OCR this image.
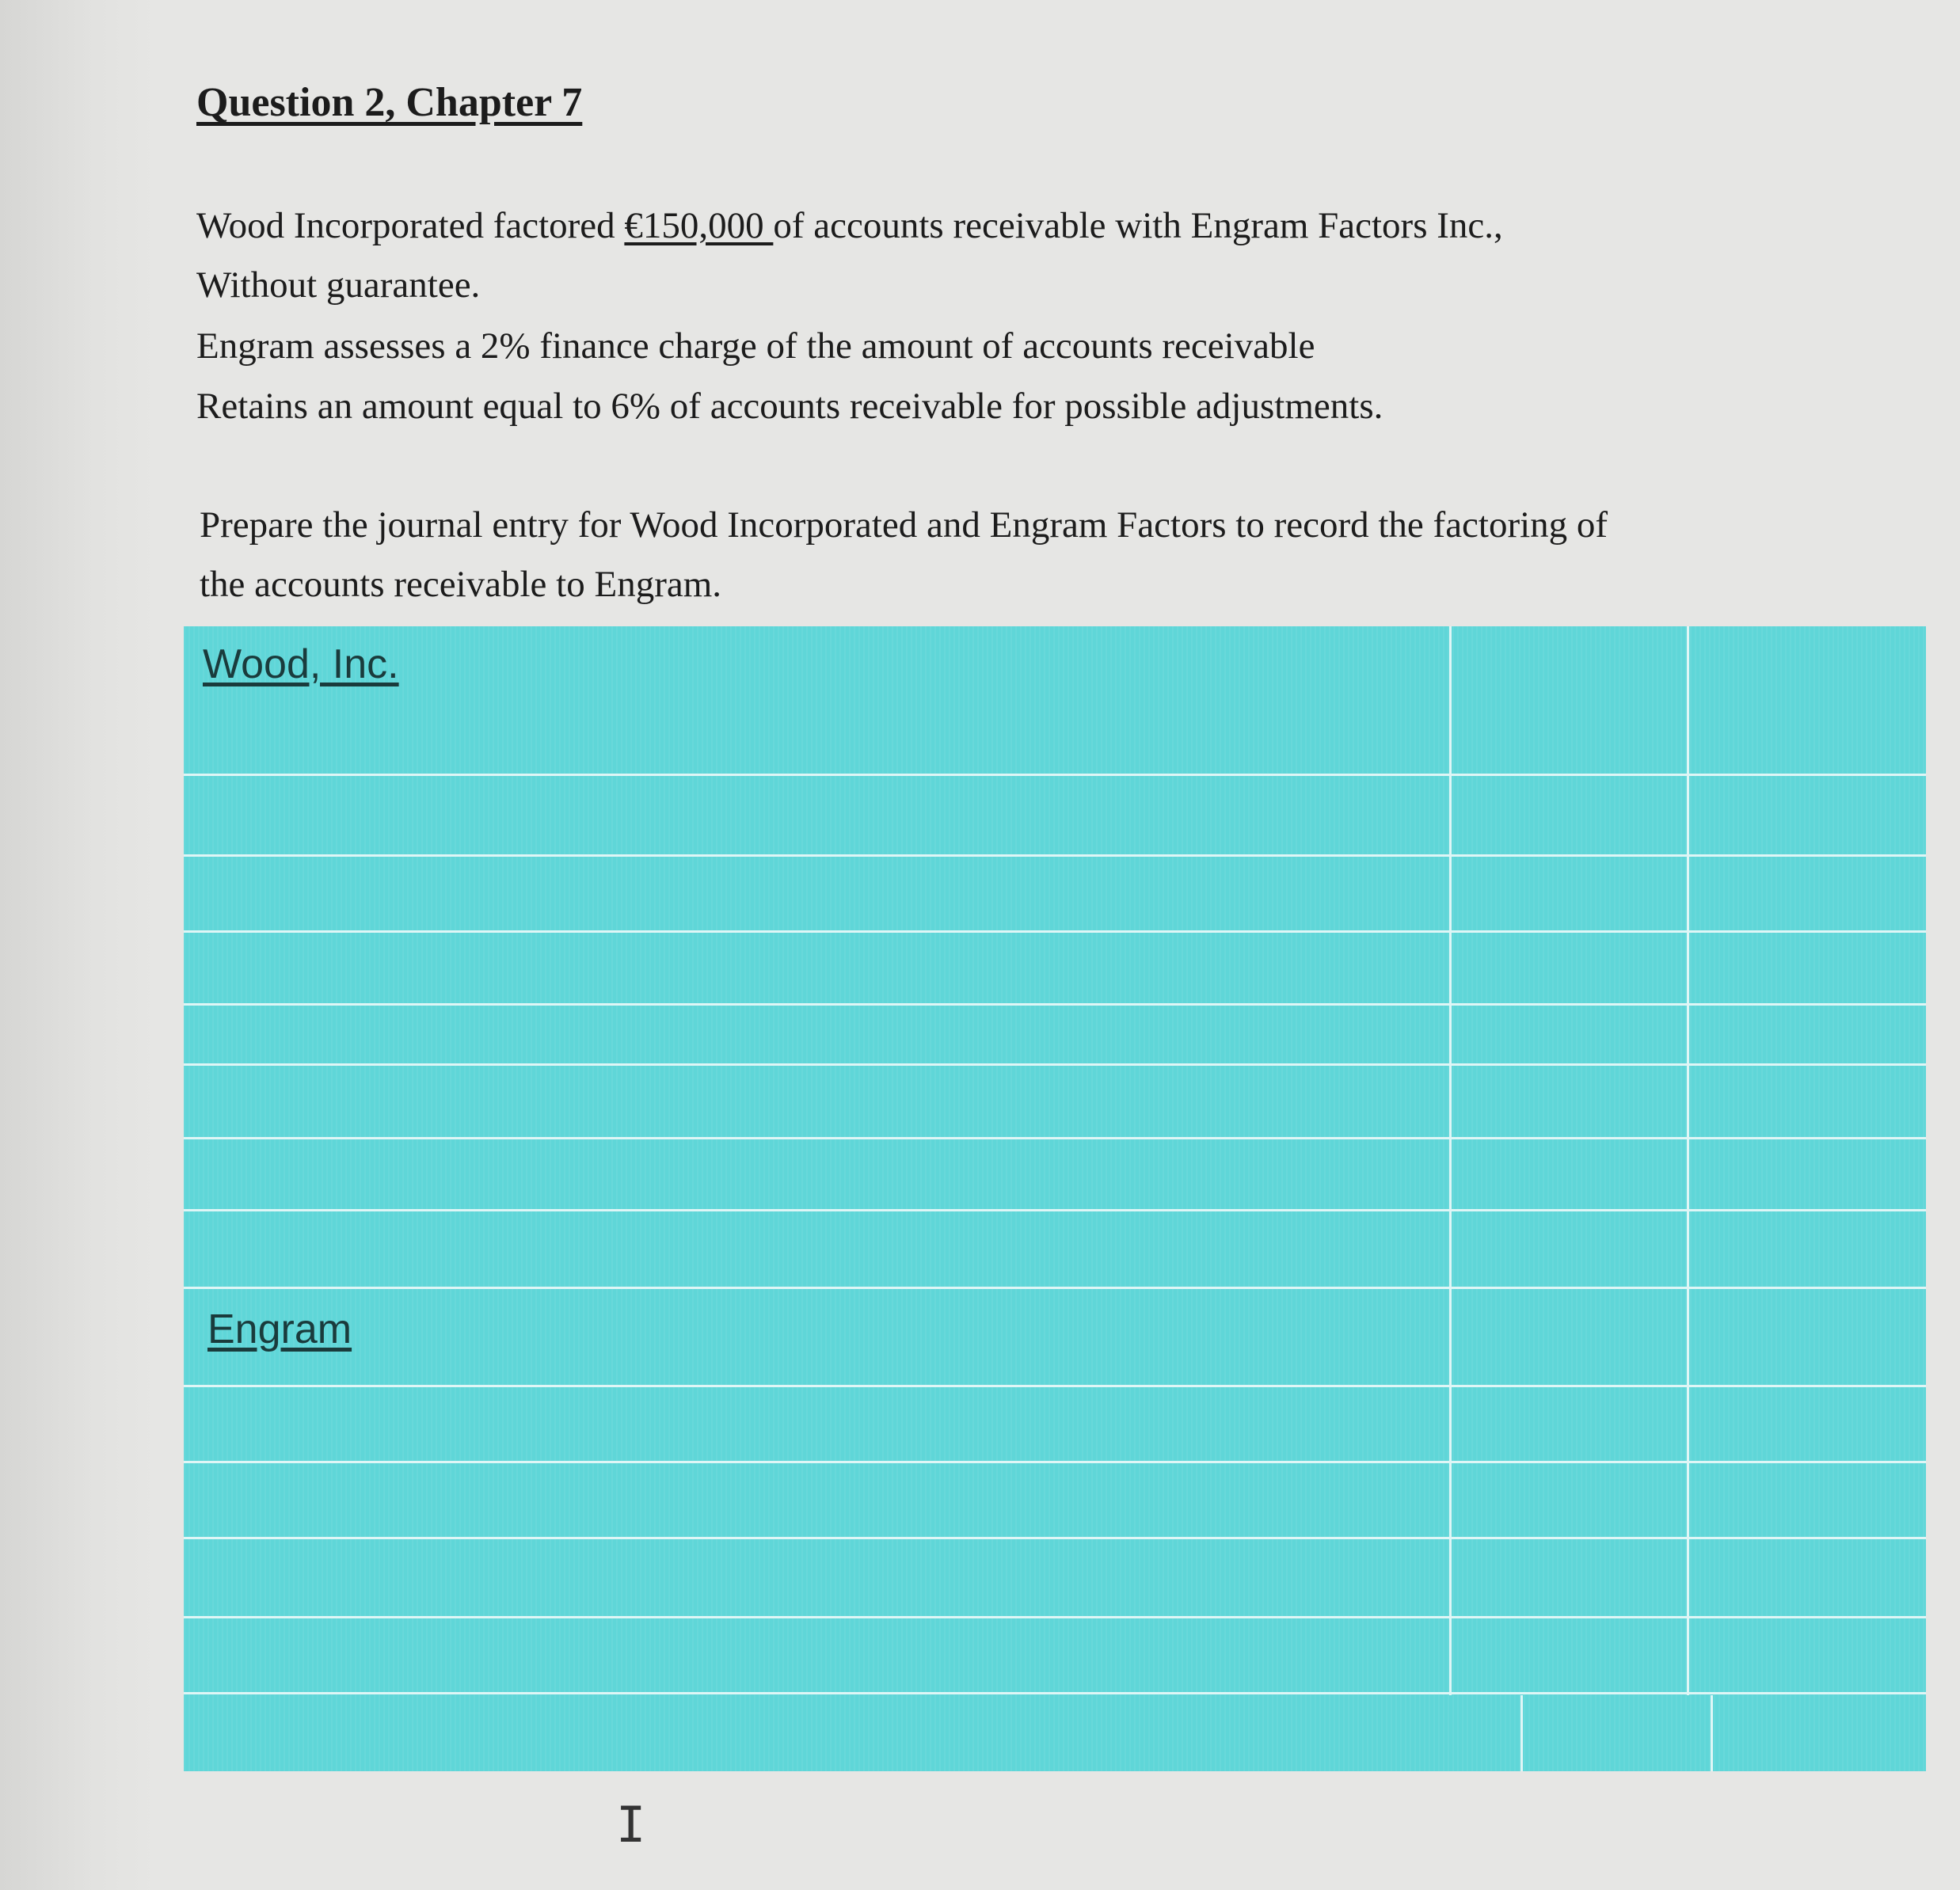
Question 2, Chapter 7

Wood Incorporated factored €150,000 of accounts receivable with Engram Factors Inc.,

Without guarantee.

Engram assesses a 2% finance charge of the amount of accounts receivable

Retains an amount equal to 6% of accounts receivable for possible adjustments.

Prepare the journal entry for Wood Incorporated and Engram Factors to record the factoring of

the accounts receivable to Engram.

Wood, Inc.

Engram

I
